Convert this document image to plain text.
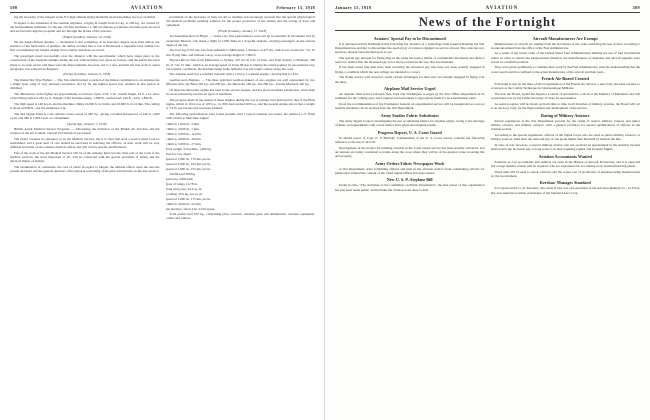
508	AVIATION	February 15, 1918

ing the necessity of the manual work. For high altitude flying thermally heated machines are now available.

In regard to the armament of the German airplanes, varying in weight from 4.2 kg. to 200 kg., are carried by the bombardment machines; for the use of battle airplanes a 1,100 revolutions per minute, machine guns are used and are fired through the propeller and not through the blades of the airscrew.

(Flight (London), January 10, 1918)

On the Anglo-French Airship. — Incidental to the conferring of an honorary degree upon Paul Adlon, the inventor of the fabrication of airships, the author recalled that it was at Berlin that a Zeppelin-Lanz airship was first accomplished the longest airship cross country distances on record.

The paragraph noted successfully over the distance with the aerodynamic which have taken place in the construction of the Zeppelin airships during the war without being ever given in extenso, and the public has been given to an open secret, and there were the improvements, however, but to a rare, and that the real work of aerial navigation was achieved in England.

(Flying (London), January 9, 1918)

The Italian SIA Type Fighter. — The SIA which formed a portion of the Italian contribution to an airplane has a single span wing of very unusual conception, and by far the highest speed ever attained in that period of climbing.

The dimensions of the fighter are approximately as follows: Span, 23 ft. 5 in.; overall length, 24 ft. 1 in.; Area of the lifting surfaces 262 sq. ft. Weight of the machine empty, 1,380 lb.; useful load, 440 lb.; total, 1,820 lb.

The high speed is 140 m.p.h. and the machine climbs 10,000 ft. in 9 min. and 20,000 ft. in 24 min. The ceiling is about 22,000 ft., and the endurance 2 hr.

The SIA engine fitted is a six cylinder water-cooled of 260 h.p., giving a normal horsepower of 240 at 1,400 r.p.m. and 280 at 1,600 r.p.m. as a maximum.

(Aerial Age, January 7, 1918)

British Aerial Medical Service Prepared. — Discussing the inclusion of the British Air Services and the creation of the Air Council, a Royal Proclamation was issued.

The Order contains no reference to an Air Medical Service, but it is clear that such a service must soon be established, and a great deal of care should be exercised in selecting the officers, as their work will be very different from that of the ordinary medical officer and will call for special qualifications.

Part of the work of the Air Medical Service will be of the ordinary kind, but the other part of the work of the medical services, the most important of all, will be connected with the special problems of flying and the physical fitness of airmen.

The examination of candidates, the care of pilots in regard to fatigue, the altitude effects upon the nervous system and heart and the general question of the physical well-being of the pilot will devolve on the new service.

incumbent on the Secretary of State for Air to institute and encourage research into the special physiological and medical problems awaiting solution for the proper protection of the airmen and the saving of lives and equipment.

(Flight (London), January 17, 1918)

An Australian Record Flight. — Some very fine performances were put up in Australia in November last by Lieutenant Bartsch, who made a flight of 1,000 miles in a Sopwith airplane, carrying passengers on the various stages of the trip.

The best leg of the trip was from Adelaide to Melbourne, a distance of 475 mi., which was covered in 7 hr. 25 min. flying time, and without a stop, at an average height of 7,000 ft.

Beyond this he flew from Melbourne to Sydney, 475 mi. in 5 hr. 10 min., and from Sydney to Brisbane, 500 mi. in 7 hr. 15 min., which is an average speed of about 90 m.p.h. During the return journey he encountered very bad weather conditions, the machine being badly buffeted over the rough country along the coast.

The airplane used was a standard Sopwith with a 110 h.p. Le Rhone engine, carrying fuel for 8 hr.

German Aero-Engines. — The three principal German makers of aero engines are well represented by two different sizes, the Benz 220 h.p. and 230 h.p., the Mercedes 160 h.p. and 260 h.p., and the Maybach 240 h.p.

Of these the Mercedes engine has been in the service longest, and has given excellent satisfaction. It has been the most extensively used in all types of machines.

The progress made in the design of these engines during the war is perhaps best indicated by that of the Benz engine, which in 1914 was of 100 h.p., in 1916 had reached 200 h.p., and the present engine shows that a weight of 2.3 lb. per horsepower has been attained.

The following performances were found possible with a typical German two-seater, the Albatros C.V, fitted with a 220 h.p. Mercedes engine:

Climb to 1,000 m., 3 min.

Climb to 2,000 m., 7 min.

Climb to 3,000 m., 12 min.

Climb to 4,000 m., 18 min.

Climb to 5,000 m., 27 min.

Total weight of machine, 1,460 kg.

Fuel for 4 hr. flight.

Speed at 1,000 m., 170 km. per hr.

Speed at 3,000 m., 165 km. per hr.

Speed at 5,000 m., 155 km. per hr.

Useful load 390 kg.

Airscrew, 2,900 mm.

Span of wings, 12.78 m.

Total wing area, 43.4 sq. m.

Loading, 33.6 kg. per sq. m.

Speed at 1,000 m., 175 km. per hr.

Climb to 4,000 m., 22 min.

Air duration, about 4 hr. at full speed.

Total useful load 610 kg., comprising pilot, observer, machine guns and ammunition, wireless equipment, bombs and camera.

January 15, 1918	AVIATION	509
News of the Fortnight
Aviators' Special Pay to be Discontinued

It is announced from Washington that following the adoption of a subterfuge from General Pershing the War Department has decided to discontinue the special pay of aviators engaged on service abroad. The order has not, however, already been decided upon as yet.

The special pay allowed for flying duty in the Army has been a matter of considerable discussion and there is reason to believe that the increased pay is not always earned in the way that was intended.

It has been stated that men have been receiving the increased pay who have not been actually engaged in flying, a condition which the new rulings are intended to correct.

The flying service will, however, retain certain advantages for men who are actually engaged in flying over the lines.

Airplane Mail Service Urged

An airplane mail service between New York and Washington is urged by the Post Office Department in its estimates for the coming year, and Congress has been asked to appropriate funds for an experimental route.

Upon the recommendation of the Postmaster General an experimental service will be inaugurated as soon as suitable machines can be secured from the War Department.

Army Studies Fabric Substitutes

The Army Signal Corps is investigating the use of substitute fabrics for airplane wings, owing to the shortage of linen, and experiments with cotton fabrics have given encouraging results.

Progress Report, U. S. Coast Guard

In annual report of Capt. E. P. Bertholf, Commandant of the U. S. Coast Guard, contains the following reference to the use of aircraft:

Development of the project for utilizing aviation in the Coast Guard service has been steadily advanced, and air stations are being considered at points along the coast where they will be of the greatest value in saving life and property.

Army Orders Fabric Newspaper Work

A War Department order forbidding officers and men in the aviation section from contributing articles for publication without the consent of the Chief Signal Officer has been issued.

New U. S. P. Airplane Bill

Under its title, "The Activities of the Committee on Public Information", the first report of that organization has just been made public, and includes the aviation work done to date.

Aircraft Manufacturers Are Exempt

Manufacturers of aircraft are exempt from the provisions of the order restricting the use of fuel, according to an announcement from the office of the Fuel Administrator.

As a result of the recent order of the United States Fuel Administration limiting the use of fuel in industrial plants, in order to relieve the transportation situation, the manufacturers of airplanes and aircraft supplies were placed in a doubtful position.

They were given permission to continue their work by the Fuel Administrator, with the understanding that the power used would be confined to the actual manufacture of the aircraft and their parts.

French Air-Board Created

Following action on the lines of the reorganization of the French Air Service, a new body has been created, to be known as the Comité Technique de l'Aéronautique Militaire.

The new Air Board, styled the Superior Council of Aeronautics, will sit at the Ministry of Munitions and will be presided over by the Under-Secretary of State for Aeronautics.

As aerial progress will be drawn up from time to time in all branches of military aviation, the Board will act as an advisory body for the improvement and development of the service.

Rating of Military Aviators

Recent regulations of the War Department provide for the rating of reserve military aviators and junior military aviators, and military aviators, with a general provision for special qualifications of officers in the aviation section.

According to the special regulations, officers of the Signal Corps who are rated as junior military aviators, or military aviators, shall have the rank and pay of one grade higher than that held by them in the line.

In view of war, however, a reserve military aviator who has received an appointment in the Aviation Section shall receive the increased pay so long as he is on duty requiring regular and frequent flights.

Aviation Accountants Wanted

Positions as cost accountants and auditors are open in the Bureau of Aircraft Production, and it is expected that a large number of men will be required, who are experienced in accounting work in manufacturing plants.

These men will be used to check contracts and the actual cost of production of airplanes being manufactured for the Government.

Kershaw Manages Standard

It is reported that G. D. Kershaw, who until of late was vice-president of the Advance-Rumely Co., La Porte, Ind., has taken the position of manager of the Standard Aero Corp.
